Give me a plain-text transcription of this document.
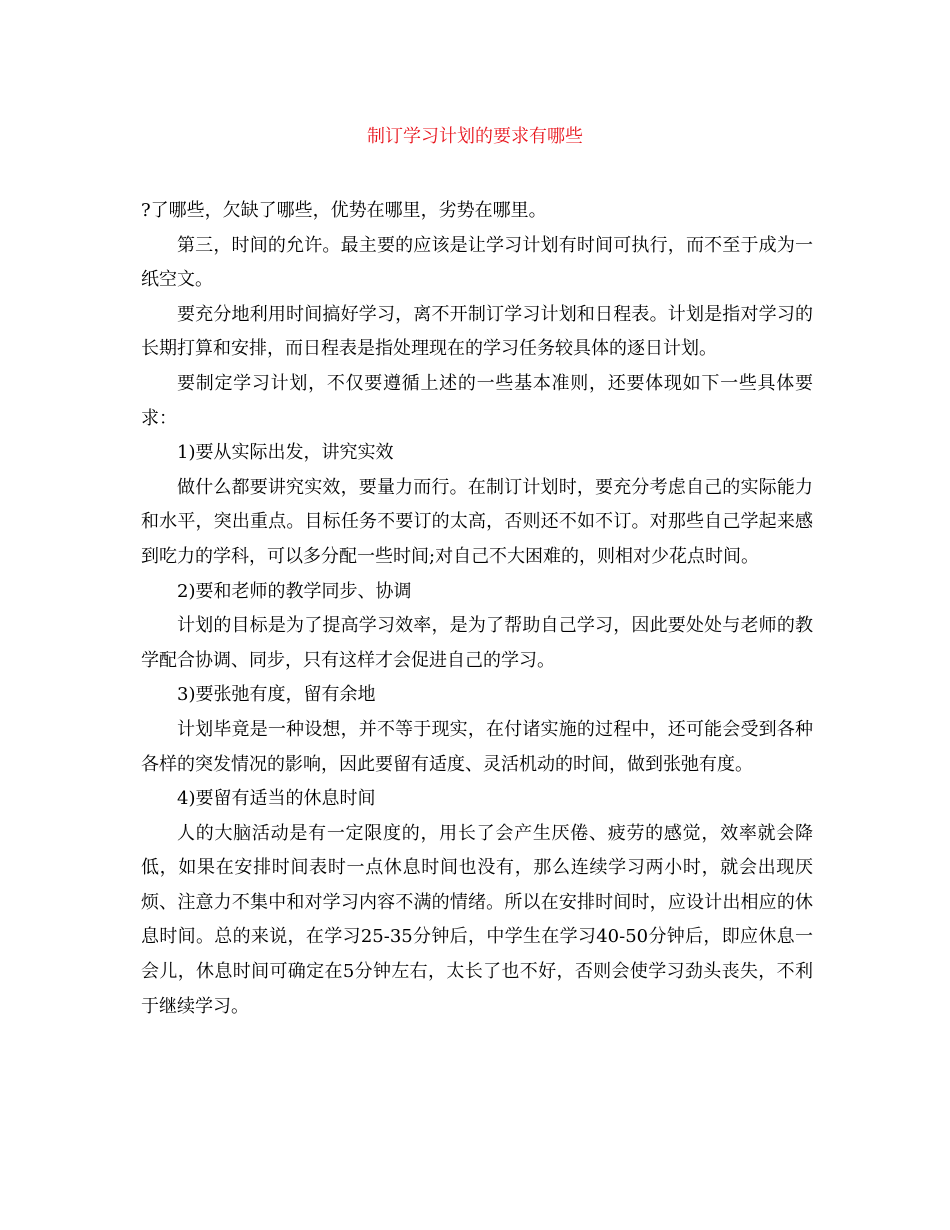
制订学习计划的要求有哪些

?了哪些，欠缺了哪些，优势在哪里，劣势在哪里。

第三，时间的允许。最主要的应该是让学习计划有时间可执行，而不至于成为一纸空文。

要充分地利用时间搞好学习，离不开制订学习计划和日程表。计划是指对学习的长期打算和安排，而日程表是指处理现在的学习任务较具体的逐日计划。

要制定学习计划，不仅要遵循上述的一些基本准则，还要体现如下一些具体要求：

1)要从实际出发，讲究实效

做什么都要讲究实效，要量力而行。在制订计划时，要充分考虑自己的实际能力和水平，突出重点。目标任务不要订的太高，否则还不如不订。对那些自己学起来感到吃力的学科，可以多分配一些时间;对自己不大困难的，则相对少花点时间。

2)要和老师的教学同步、协调

计划的目标是为了提高学习效率，是为了帮助自己学习，因此要处处与老师的教学配合协调、同步，只有这样才会促进自己的学习。

3)要张弛有度，留有余地

计划毕竟是一种设想，并不等于现实，在付诸实施的过程中，还可能会受到各种各样的突发情况的影响，因此要留有适度、灵活机动的时间，做到张弛有度。

4)要留有适当的休息时间

人的大脑活动是有一定限度的，用长了会产生厌倦、疲劳的感觉，效率就会降低，如果在安排时间表时一点休息时间也没有，那么连续学习两小时，就会出现厌烦、注意力不集中和对学习内容不满的情绪。所以在安排时间时，应设计出相应的休息时间。总的来说，在学习25-35分钟后，中学生在学习40-50分钟后，即应休息一会儿，休息时间可确定在5分钟左右，太长了也不好，否则会使学习劲头丧失，不利于继续学习。
